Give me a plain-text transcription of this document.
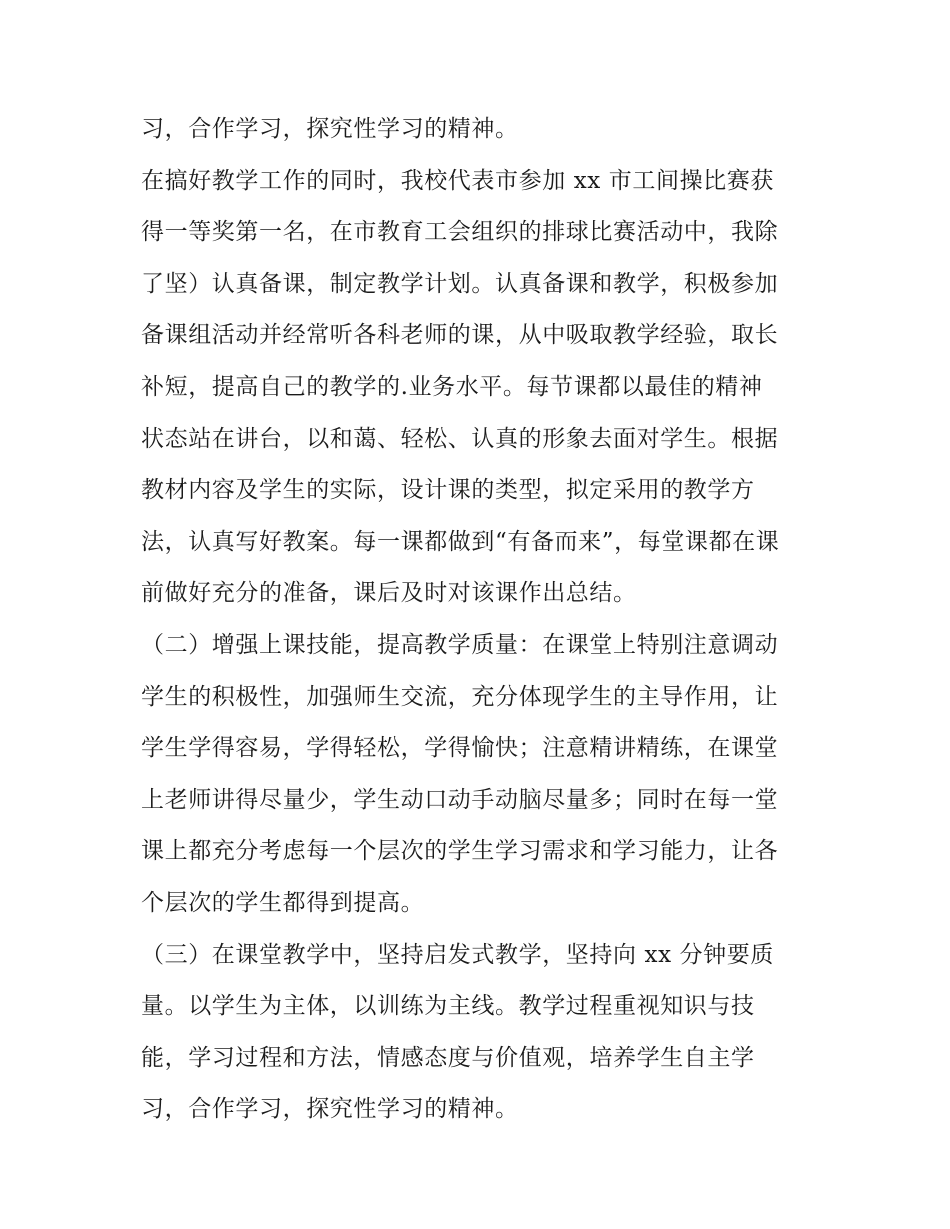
习，合作学习，探究性学习的精神。
在搞好教学工作的同时，我校代表市参加 xx 市工间操比赛获
得一等奖第一名，在市教育工会组织的排球比赛活动中，我除
了坚）认真备课，制定教学计划。认真备课和教学，积极参加
备课组活动并经常听各科老师的课，从中吸取教学经验，取长
补短，提高自己的教学的.业务水平。每节课都以最佳的精神
状态站在讲台，以和蔼、轻松、认真的形象去面对学生。根据
教材内容及学生的实际，设计课的类型，拟定采用的教学方
法，认真写好教案。每一课都做到“有备而来”，每堂课都在课
前做好充分的准备，课后及时对该课作出总结。
（二）增强上课技能，提高教学质量：在课堂上特别注意调动
学生的积极性，加强师生交流，充分体现学生的主导作用，让
学生学得容易，学得轻松，学得愉快；注意精讲精练，在课堂
上老师讲得尽量少，学生动口动手动脑尽量多；同时在每一堂
课上都充分考虑每一个层次的学生学习需求和学习能力，让各
个层次的学生都得到提高。
（三）在课堂教学中，坚持启发式教学，坚持向 xx 分钟要质
量。以学生为主体，以训练为主线。教学过程重视知识与技
能，学习过程和方法，情感态度与价值观，培养学生自主学
习，合作学习，探究性学习的精神。
